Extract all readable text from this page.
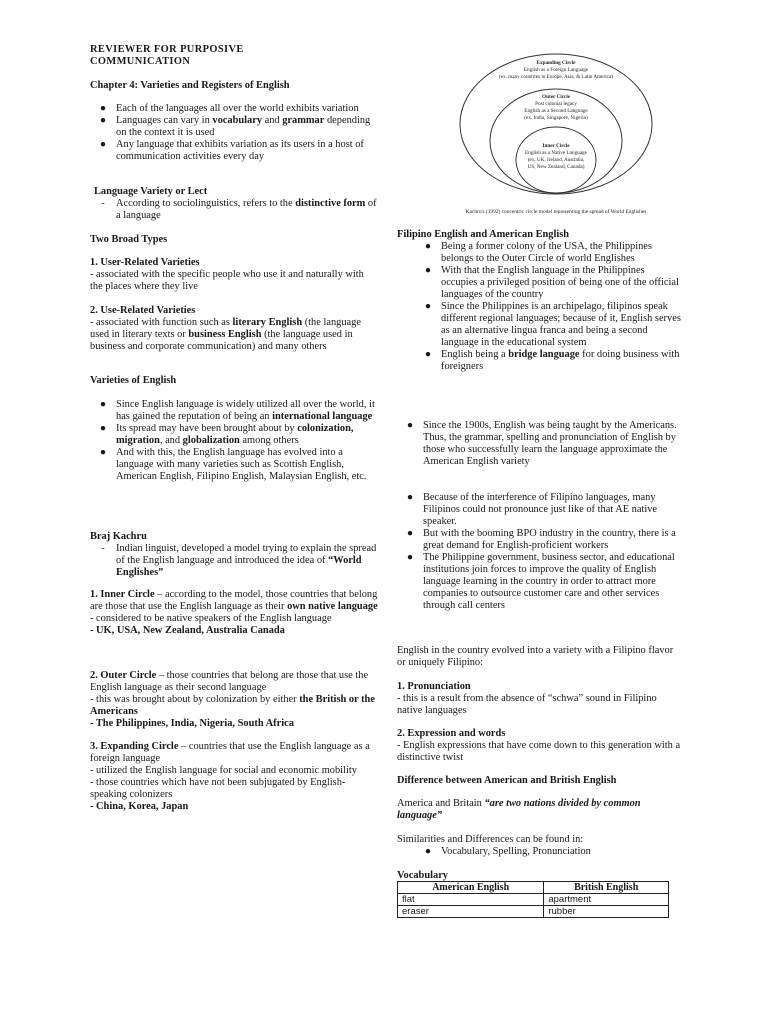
REVIEWER FOR PURPOSIVE
COMMUNICATION
Chapter 4: Varieties and Registers of English
● Each of the languages all over the world exhibits variation
● Languages can vary in vocabulary and grammar depending on the context it is used
● Any language that exhibits variation as its users in a host of communication activities every day
Language Variety or Lect
-	According to sociolinguistics, refers to the distinctive form of a language
Two Broad Types
1. User-Related Varieties
- associated with the specific people who use it and naturally with the places where they live
2. Use-Related Varieties
- associated with function such as literary English (the language used in literary texts or business English (the language used in business and corporate communication) and many others
Varieties of English
● Since English language is widely utilized all over the world, it has gained the reputation of being an international language
● Its spread may have been brought about by colonization, migration, and globalization among others
● And with this, the English language has evolved into a language with many varieties such as Scottish English, American English, Filipino English, Malaysian English, etc.
Braj Kachru
-	Indian linguist, developed a model trying to explain the spread of the English language and introduced the idea of “World Englishes”
1. Inner Circle – according to the model, those countries that belong are those that use the English language as their own native language
- considered to be native speakers of the English language
- UK, USA, New Zealand, Australia Canada
2. Outer Circle – those countries that belong are those that use the English language as their second language
- this was brought about by colonization by either the British or the Americans
- The Philippines, India, Nigeria, South Africa
3. Expanding Circle – countries that use the English language as a foreign language
- utilized the English language for social and economic mobility
- those countries which have not been subjugated by English-speaking colonizers
- China, Korea, Japan
Expanding Circle
English as a Foreign Language
(ex. many countries in Europe, Asia, & Latin America)
Outer Circle
Post colonial legacy
English as a Second Language
(ex. India, Singapore, Nigeria)
Inner Circle
English as a Native Language
(ex. UK, Ireland, Australia,
US, New Zealand, Canada)
Kachru's (1992) concentric circle model representing the spread of World Englishes
Filipino English and American English
● Being a former colony of the USA, the Philippines belongs to the Outer Circle of world Englishes
● With that the English language in the Philippines occupies a privileged position of being one of the official languages of the country
● Since the Philippines is an archipelago, filipinos speak different regional languages; because of it, English serves as an alternative lingua franca and being a second language in the educational system
● English being a bridge language for doing business with foreigners
● Since the 1900s, English was being taught by the Americans. Thus, the grammar, spelling and pronunciation of English by those who successfully learn the language approximate the American English variety
● Because of the interference of Filipino languages, many Filipinos could not pronounce just like of that AE native speaker.
● But with the booming BPO industry in the country, there is a great demand for English-proficient workers
● The Philippine government, business sector, and educational institutions join forces to improve the quality of English language learning in the country in order to attract more companies to outsource customer care and other services through call centers
English in the country evolved into a variety with a Filipino flavor or uniquely Filipino:
1. Pronunciation
- this is a result from the absence of “schwa” sound in Filipino native languages
2. Expression and words
- English expressions that have come down to this generation with a distinctive twist
Difference between American and British English
America and Britain “are two nations divided by common language”
Similarities and Differences can be found in:
● Vocabulary, Spelling, Pronunciation
Vocabulary
American English	British English
flat	apartment
eraser	rubber
